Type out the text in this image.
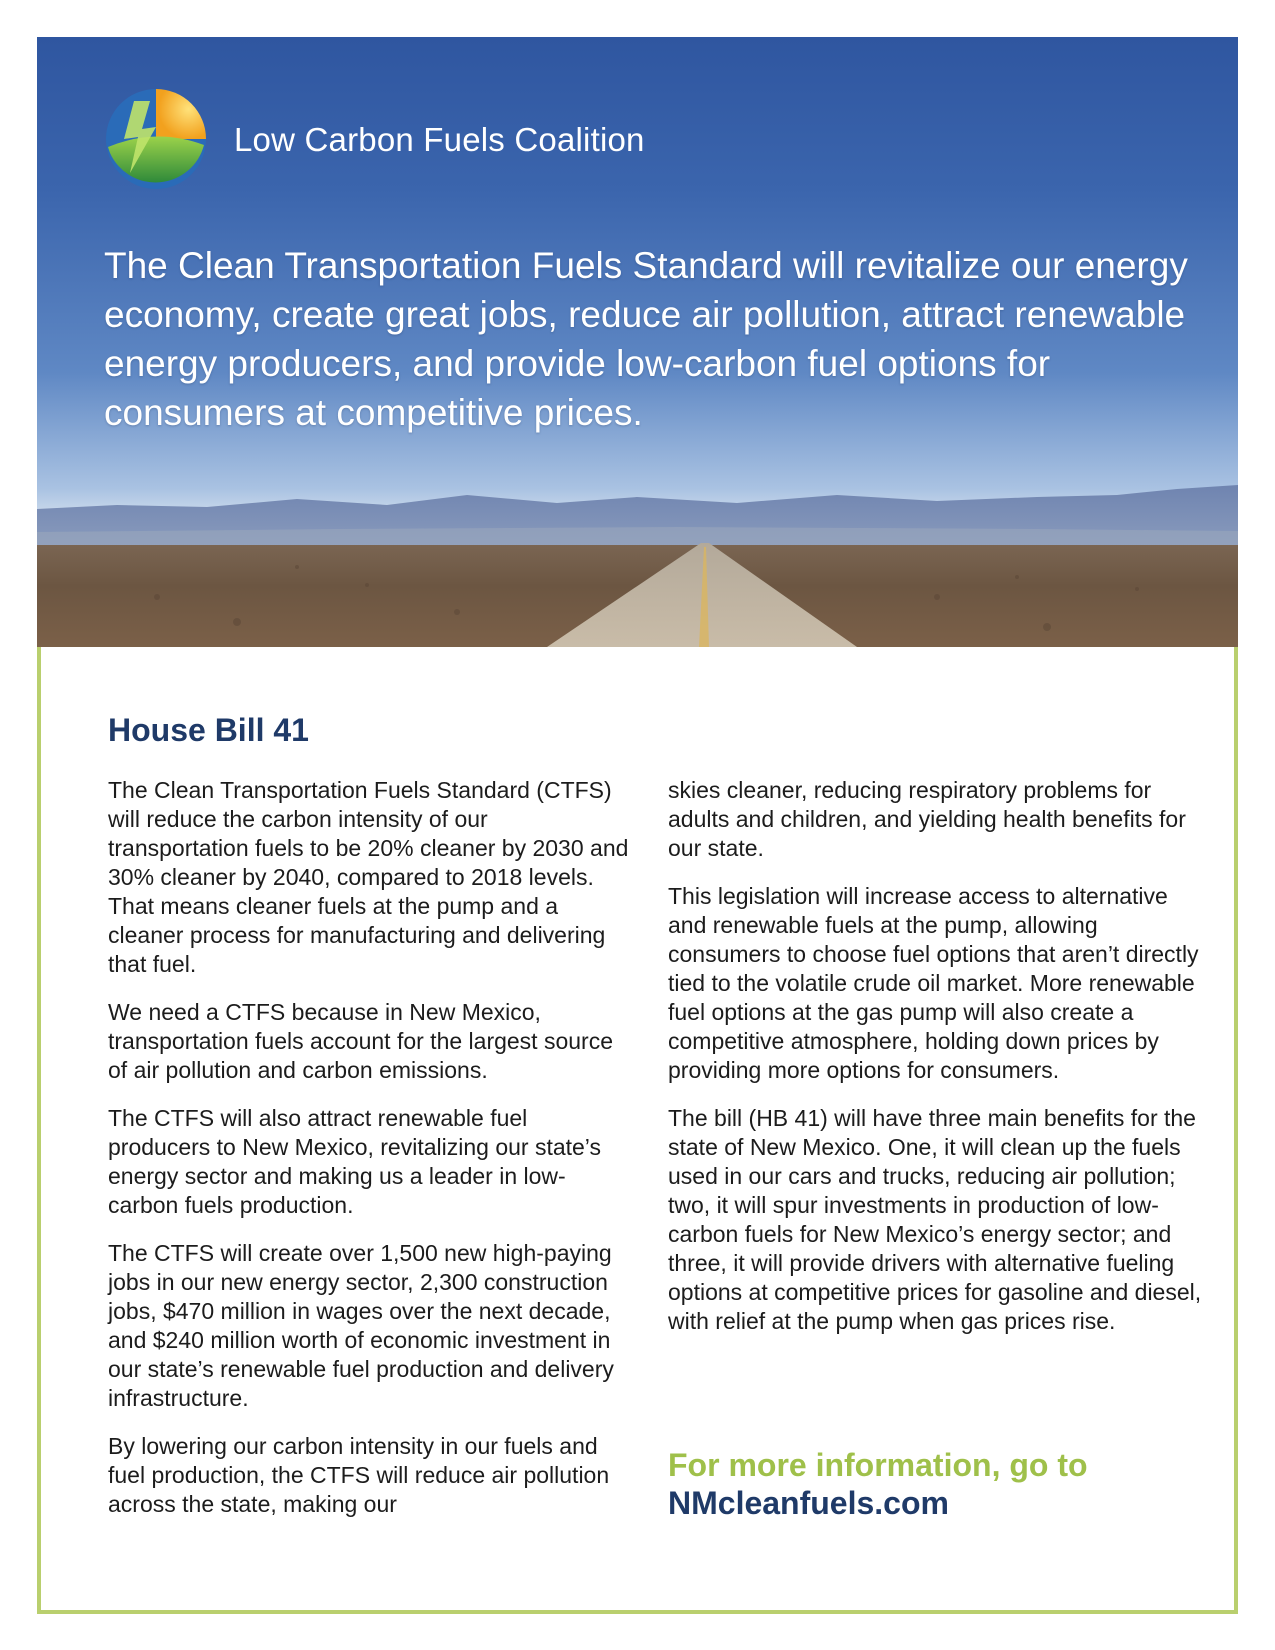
Low Carbon Fuels Coalition

The Clean Transportation Fuels Standard will revitalize our energy economy, create great jobs, reduce air pollution, attract renewable energy producers, and provide low-carbon fuel options for consumers at competitive prices.

House Bill 41

The Clean Transportation Fuels Standard (CTFS) will reduce the carbon intensity of our transportation fuels to be 20% cleaner by 2030 and 30% cleaner by 2040, compared to 2018 levels. That means cleaner fuels at the pump and a cleaner process for manufacturing and delivering that fuel.

We need a CTFS because in New Mexico, transportation fuels account for the largest source of air pollution and carbon emissions.

The CTFS will also attract renewable fuel producers to New Mexico, revitalizing our state’s energy sector and making us a leader in low-carbon fuels production.

The CTFS will create over 1,500 new high-paying jobs in our new energy sector, 2,300 construction jobs, $470 million in wages over the next decade, and $240 million worth of economic investment in our state’s renewable fuel production and delivery infrastructure.

By lowering our carbon intensity in our fuels and fuel production, the CTFS will reduce air pollution across the state, making our

skies cleaner, reducing respiratory problems for adults and children, and yielding health benefits for our state.

This legislation will increase access to alternative and renewable fuels at the pump, allowing consumers to choose fuel options that aren’t directly tied to the volatile crude oil market. More renewable fuel options at the gas pump will also create a competitive atmosphere, holding down prices by providing more options for consumers.

The bill (HB 41) will have three main benefits for the state of New Mexico. One, it will clean up the fuels used in our cars and trucks, reducing air pollution; two, it will spur investments in production of low-carbon fuels for New Mexico’s energy sector; and three, it will provide drivers with alternative fueling options at competitive prices for gasoline and diesel, with relief at the pump when gas prices rise.

For more information, go to
NMcleanfuels.com
